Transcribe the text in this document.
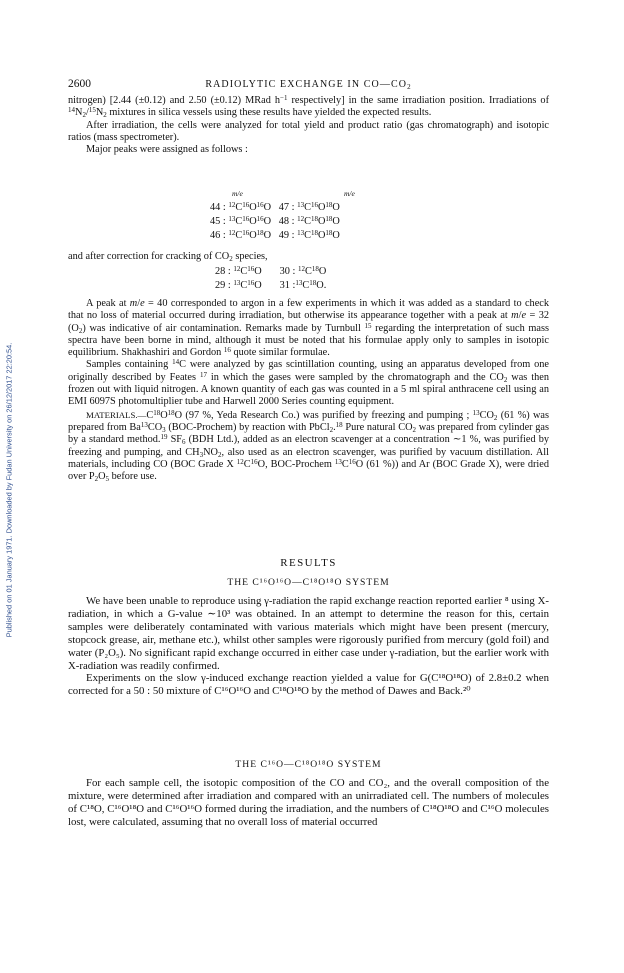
Published on 01 January 1971. Downloaded by Fudan University on 26/12/2017 22:20:54.
2600	RADIOLYTIC EXCHANGE IN $CO—CO_2$

nitrogen) [2.44 (±0.12) and 2.50 (±0.12) MRad $h^{-1}$ respectively] in the same irradiation position. Irradiations of $^{14}N_2/^{15}N_2$ mixtures in silica vessels using these results have yielded the expected results.

After irradiation, the cells were analyzed for total yield and product ratio (gas chromatograph) and isotopic ratios (mass spectrometer).

Major peaks were assigned as follows :

m/e	m/e
44 : $^{12}C^{16}O^{16}O$   47 : $^{13}C^{16}O^{18}O$
45 : $^{13}C^{16}O^{16}O$   48 : $^{12}C^{18}O^{18}O$
46 : $^{12}C^{16}O^{18}O$   49 : $^{13}C^{18}O^{18}O$

and after correction for cracking of $CO_2$ species,

28 : $^{12}C^{16}O$       30 : $^{12}C^{18}O$
29 : $^{13}C^{16}O$       31 $:^{13}C^{18}O$.

A peak at m/e = 40 corresponded to argon in a few experiments in which it was added as a standard to check that no loss of material occurred during irradiation, but otherwise its appearance together with a peak at m/e = 32 $(O_2)$ was indicative of air contamination. Remarks made by Turnbull $^{15}$ regarding the interpretation of such mass spectra have been borne in mind, although it must be noted that his formulae apply only to samples in isotopic equilibrium. Shakhashiri and Gordon $^{16}$ quote similar formulae.

Samples containing $^{14}$C were analyzed by gas scintillation counting, using an apparatus developed from one originally described by Feates $^{17}$ in which the gases were sampled by the chromatograph and the $CO_2$ was then frozen out with liquid nitrogen. A known quantity of each gas was counted in a 5 ml spiral anthracene cell using an EMI 6097S photomultiplier tube and Harwell 2000 Series counting equipment.

$MATERIALS.—C^{18}O^{18}O$ (97 %, Yeda Research Co.) was purified by freezing and pumping ; $^{13}CO_2$ (61 %) was prepared from $Ba^{13}CO_3$ (BOC-Prochem) by reaction with PbCl$_2$.$^{18}$ Pure natural $CO_2$ was prepared from cylinder gas by a standard method.$^{19}$ $SF_6$ (BDH Ltd.), added as an electron scavenger at a concentration ∼1 %, was purified by freezing and pumping, and $CH_3NO_2$, also used as an electron scavenger, was purified by vacuum distillation. All materials, including CO (BOC Grade X $^{12}C^{16}O$, BOC-Prochem $^{13}C^{16}O$ (61 %)) and Ar (BOC Grade X), were dried over $P_2O_5$ before use.

RESULTS
THE C¹⁶O¹⁶O—C¹⁸O¹⁸O SYSTEM

We have been unable to reproduce using γ-radiation the rapid exchange reaction reported earlier ⁸ using X-radiation, in which a G-value ∼10³ was obtained. In an attempt to determine the reason for this, certain samples were deliberately contaminated with various materials which might have been present (mercury, stopcock grease, air, methane etc.), whilst other samples were rigorously purified from mercury (gold foil) and water (P₂O₅). No significant rapid exchange occurred in either case under γ-radiation, but the earlier work with X-radiation was readily confirmed.

Experiments on the slow γ-induced exchange reaction yielded a value for G(C¹⁸O¹⁸O) of 2.8±0.2 when corrected for a 50 : 50 mixture of C¹⁶O¹⁶O and C¹⁸O¹⁸O by the method of Dawes and Back.²⁰

THE C¹⁶O—C¹⁸O¹⁸O SYSTEM

For each sample cell, the isotopic composition of the CO and CO₂, and the overall composition of the mixture, were determined after irradiation and compared with an unirradiated cell. The numbers of molecules of C¹⁸O, C¹⁶O¹⁸O and C¹⁶O¹⁶O formed during the irradiation, and the numbers of C¹⁸O¹⁸O and C¹⁶O molecules lost, were calculated, assuming that no overall loss of material occurred
